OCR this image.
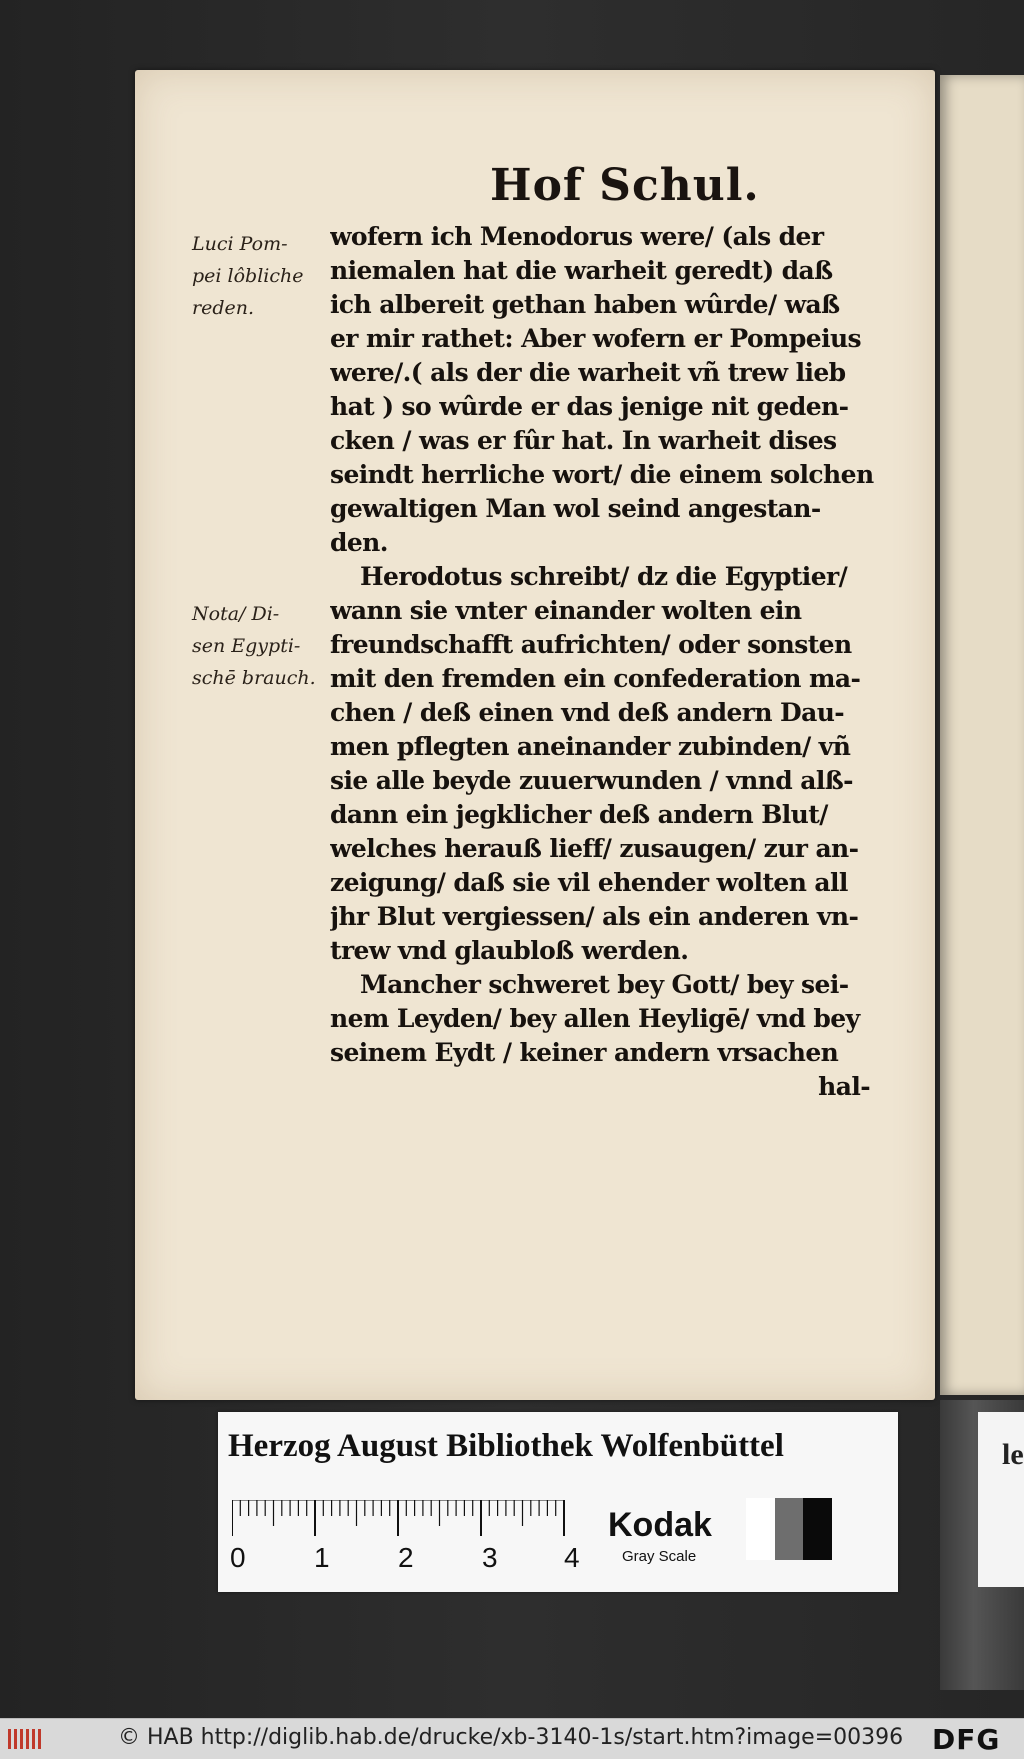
le
Hof Schul.
Luci Pom-
pei lôbliche
reden.
Nota/ Di-
sen Egypti-
schē brauch.
wofern ich Menodorus were/ (als der
niemalen hat die warheit geredt) daß
ich albereit gethan haben wûrde/ waß
er mir rathet: Aber wofern er Pompeius
were/.( als der die warheit vñ trew lieb
hat ) so wûrde er das jenige nit geden-
cken / was er fûr hat. In warheit dises
seindt herrliche wort/ die einem solchen
gewaltigen Man wol seind angestan-
den.
Herodotus schreibt/ dz die Egyptier/
wann sie vnter einander wolten ein
freundschafft aufrichten/ oder sonsten
mit den fremden ein confederation ma-
chen / deß einen vnd deß andern Dau-
men pflegten aneinander zubinden/ vñ
sie alle beyde zuuerwunden / vnnd alß-
dann ein jegklicher deß andern Blut/
welches herauß lieff/ zusaugen/ zur an-
zeigung/ daß sie vil ehender wolten all
jhr Blut vergiessen/ als ein anderen vn-
trew vnd glaubloß werden.
Mancher schweret bey Gott/ bey sei-
nem Leyden/ bey allen Heyligē/ vnd bey
seinem Eydt / keiner andern vrsachen
hal-
Herzog August Bibliothek Wolfenbüttel
0 1 2 3 4
Kodak
Gray Scale
© HAB http://diglib.hab.de/drucke/xb-3140-1s/start.htm?image=00396 DFG
